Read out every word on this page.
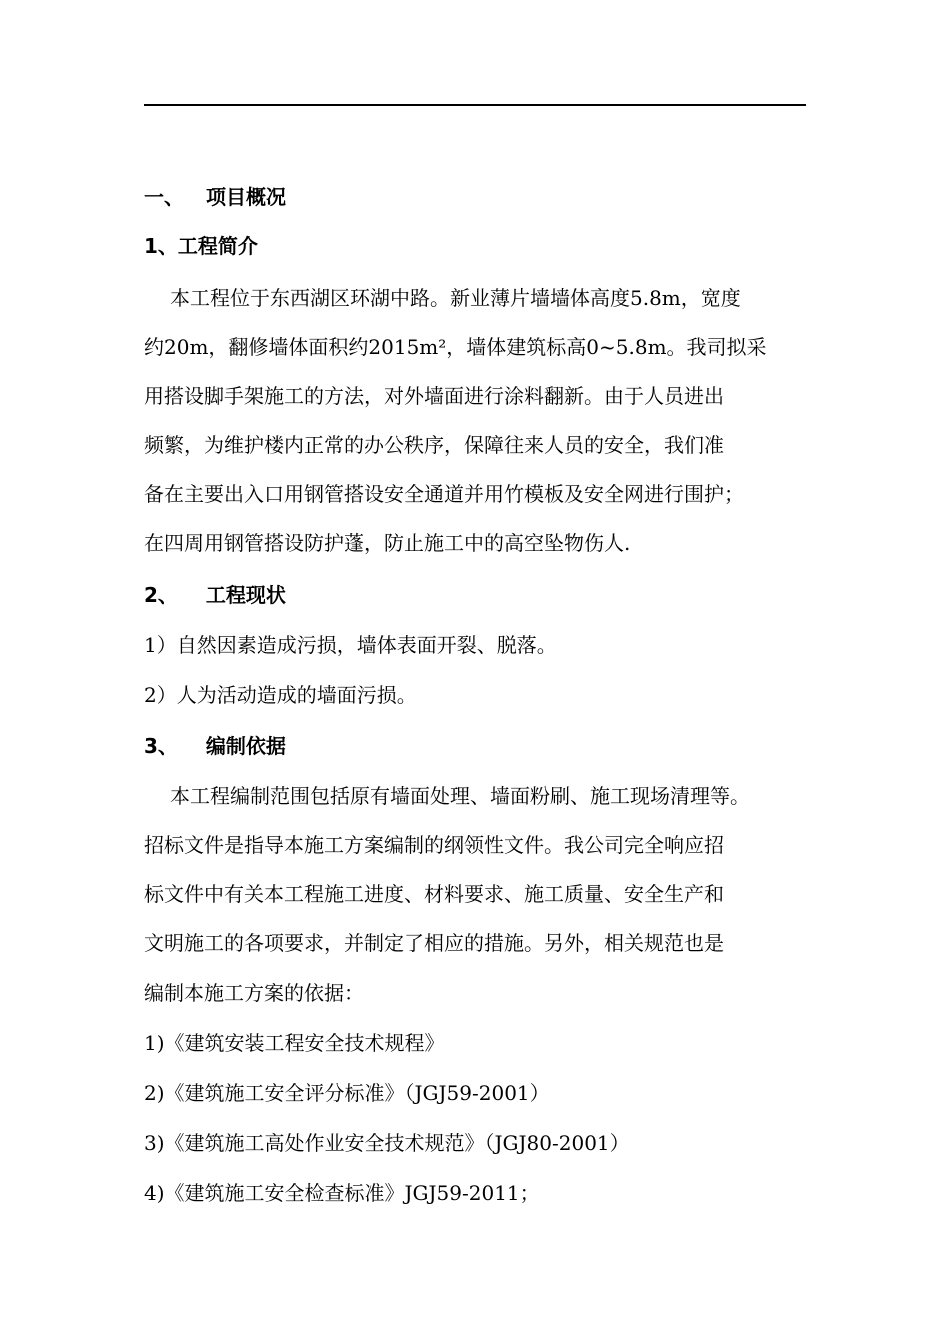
一、 项目概况
1、工程简介
本工程位于东西湖区环湖中路。新业薄片墙墙体高度5.8m，宽度
约20m，翻修墙体面积约2015m²，墙体建筑标高0~5.8m。我司拟采
用搭设脚手架施工的方法，对外墙面进行涂料翻新。由于人员进出
频繁，为维护楼内正常的办公秩序，保障往来人员的安全，我们准
备在主要出入口用钢管搭设安全通道并用竹模板及安全网进行围护；
在四周用钢管搭设防护蓬，防止施工中的高空坠物伤人.
2、 工程现状
1）自然因素造成污损，墙体表面开裂、脱落。
2）人为活动造成的墙面污损。
3、 编制依据
本工程编制范围包括原有墙面处理、墙面粉刷、施工现场清理等。
招标文件是指导本施工方案编制的纲领性文件。我公司完全响应招
标文件中有关本工程施工进度、材料要求、施工质量、安全生产和
文明施工的各项要求，并制定了相应的措施。另外，相关规范也是
编制本施工方案的依据：
1)《建筑安装工程安全技术规程》
2)《建筑施工安全评分标准》（JGJ59-2001）
3)《建筑施工高处作业安全技术规范》（JGJ80-2001）
4)《建筑施工安全检查标准》JGJ59-2011；
